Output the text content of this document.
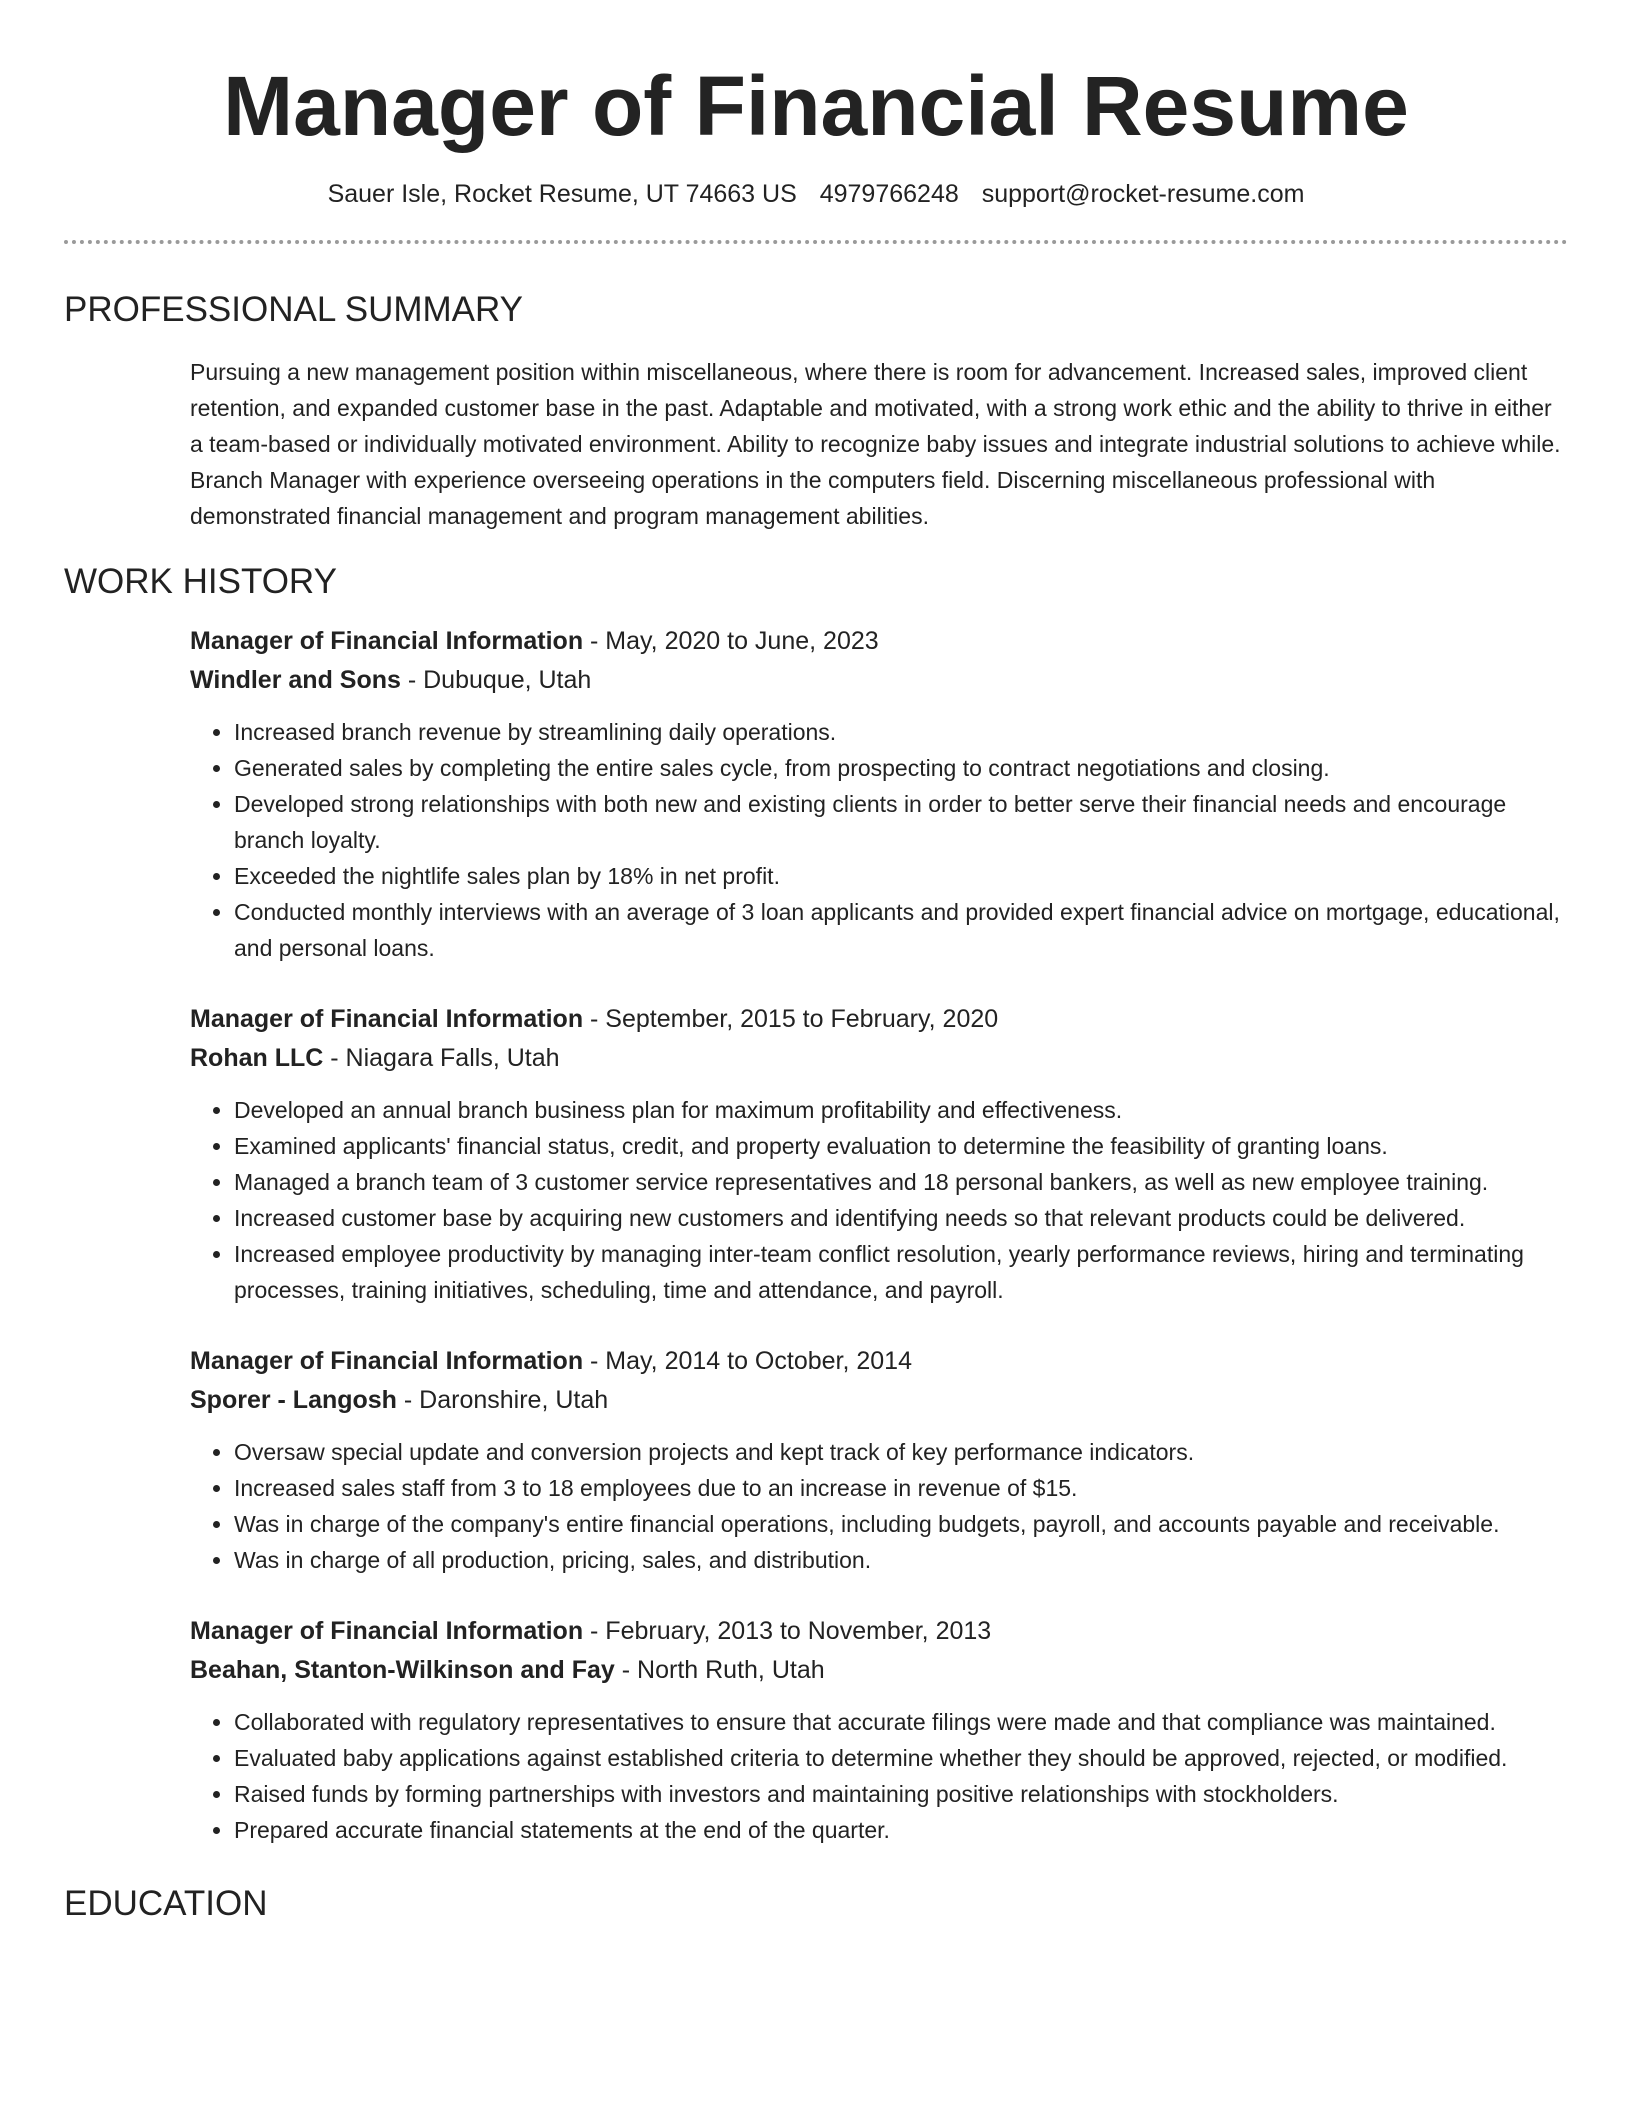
Manager of Financial Resume
Sauer Isle, Rocket Resume, UT 74663 US 4979766248 support@rocket-resume.com
PROFESSIONAL SUMMARY

Pursuing a new management position within miscellaneous, where there is room for advancement. Increased sales, improved client retention, and expanded customer base in the past. Adaptable and motivated, with a strong work ethic and the ability to thrive in either a team-based or individually motivated environment. Ability to recognize baby issues and integrate industrial solutions to achieve while. Branch Manager with experience overseeing operations in the computers field. Discerning miscellaneous professional with demonstrated financial management and program management abilities.

WORK HISTORY
Manager of Financial Information - May, 2020 to June, 2023
Windler and Sons - Dubuque, Utah
• Increased branch revenue by streamlining daily operations.
• Generated sales by completing the entire sales cycle, from prospecting to contract negotiations and closing.
• Developed strong relationships with both new and existing clients in order to better serve their financial needs and encourage branch loyalty.
• Exceeded the nightlife sales plan by 18% in net profit.
• Conducted monthly interviews with an average of 3 loan applicants and provided expert financial advice on mortgage, educational, and personal loans.
Manager of Financial Information - September, 2015 to February, 2020
Rohan LLC - Niagara Falls, Utah
• Developed an annual branch business plan for maximum profitability and effectiveness.
• Examined applicants' financial status, credit, and property evaluation to determine the feasibility of granting loans.
• Managed a branch team of 3 customer service representatives and 18 personal bankers, as well as new employee training.
• Increased customer base by acquiring new customers and identifying needs so that relevant products could be delivered.
• Increased employee productivity by managing inter-team conflict resolution, yearly performance reviews, hiring and terminating processes, training initiatives, scheduling, time and attendance, and payroll.
Manager of Financial Information - May, 2014 to October, 2014
Sporer - Langosh - Daronshire, Utah
• Oversaw special update and conversion projects and kept track of key performance indicators.
• Increased sales staff from 3 to 18 employees due to an increase in revenue of $15.
• Was in charge of the company's entire financial operations, including budgets, payroll, and accounts payable and receivable.
• Was in charge of all production, pricing, sales, and distribution.
Manager of Financial Information - February, 2013 to November, 2013
Beahan, Stanton-Wilkinson and Fay - North Ruth, Utah
• Collaborated with regulatory representatives to ensure that accurate filings were made and that compliance was maintained.
• Evaluated baby applications against established criteria to determine whether they should be approved, rejected, or modified.
• Raised funds by forming partnerships with investors and maintaining positive relationships with stockholders.
• Prepared accurate financial statements at the end of the quarter.
EDUCATION
